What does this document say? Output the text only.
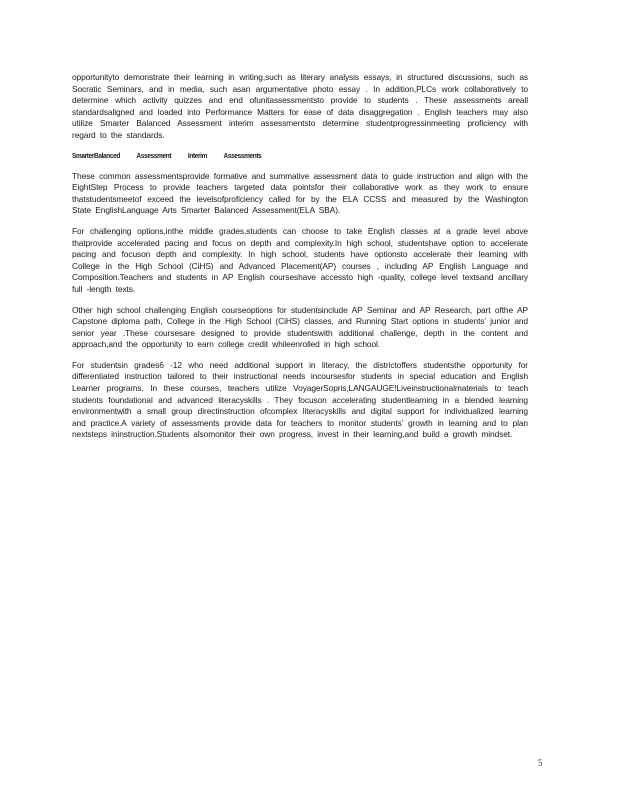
opportunityto demonstrate their learning in writing,such as literary analysis essays, in structured discussions, such as Socratic Seminars, and in media, such asan argumentative photo essay . In addition,PLCs work collaboratively to determine which activity quizzes and end ofunitassessmentsto provide to students . These assessments areall standardsaligned and loaded into Performance Matters for ease of data disaggregation . English teachers may also utilize Smarter Balanced Assessment interim assessmentsto determine studentprogressinmeeting proficiency with regard to the standards.

SmarterBalanced Assessment Interim Assessments

These common assessmentsprovide formative and summative assessment data to guide instruction and align with the EightStep Process to provide teachers targeted data pointsfor their collaborative work as they work to ensure thatstudentsmeetof exceed the levelsofproficiency called for by the ELA CCSS and measured by the Washington State EnglishLanguage Arts Smarter Balanced Assessment(ELA SBA).

For challenging options,inthe middle grades,students can choose to take English classes at a grade level above thatprovide accelerated pacing and focus on depth and complexity.In high school, studentshave option to accelerate pacing and focuson depth and complexity. In high school, students have optionsto accelerate their learning with College in the High School (CiHS) and Advanced Placement(AP) courses , including AP English Language and Composition.Teachers and students in AP English courseshave accessto high -quality, college level textsand ancillary full -length texts.

Other high school challenging English courseoptions for studentsinclude AP Seminar and AP Research, part ofthe AP Capstone diploma path, College in the High School (CiHS) classes, and Running Start options in students’ junior and senior year .These coursesare designed to provide studentswith additional challenge, depth in the content and approach,and the opportunity to earn college credit whileenrolled in high school.

For studentsin grades6 -12 who need additional support in literacy, the districtoffers studentsthe opportunity for differentiated instruction tailored to their instructional needs incoursesfor students in special education and English Learner programs. In these courses, teachers utilize VoyagerSopris,LANGAUGE!Liveinstructionalmaterials to teach students foundational and advanced literacyskills . They focuson accelerating studentlearning in a blended learning environmentwith a small group directinstruction ofcomplex literacyskills and digital support for individualized learning and practice.A variety of assessments provide data for teachers to monitor students’ growth in learning and to plan nextsteps ininstruction.Students alsomonitor their own progress, invest in their learning,and build a growth mindset.

5
